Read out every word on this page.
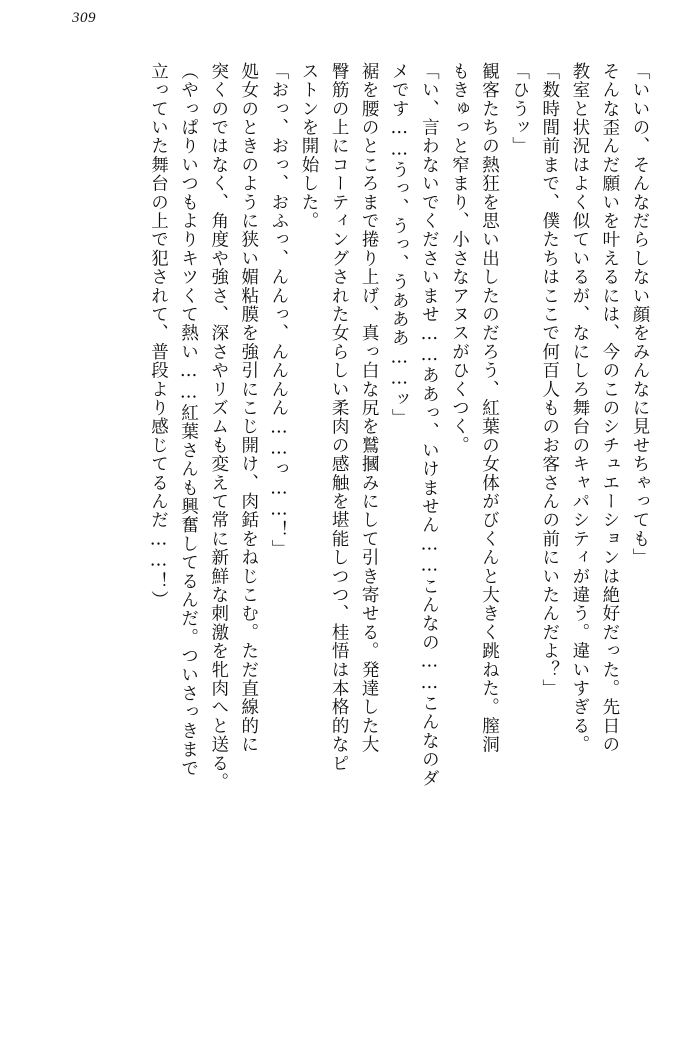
309

「いいの、そんなだらしない顔をみんなに見せちゃっても」

そんな歪んだ願いを叶えるには、今のこのシチュエーションは絶好だった。先日の

教室と状況はよく似ているが、なにしろ舞台のキャパシティが違う。違いすぎる。

「数時間前まで、僕たちはここで何百人ものお客さんの前にいたんだよ？」

「ひうッ」

観客たちの熱狂を思い出したのだろう、紅葉の女体がびくんと大きく跳ねた。膣洞

もきゅっと窄まり、小さなアヌスがひくつく。

「い、言わないでくださいませ……ああっ、いけません……こんなの……こんなのダ

メです……うっ、うっ、うあああ……ッ」

裾を腰のところまで捲り上げ、真っ白な尻を鷲摑みにして引き寄せる。発達した大

臀筋の上にコーティングされた女らしい柔肉の感触を堪能しつつ、桂悟は本格的なピ

ストンを開始した。

「おっ、おっ、おふっ、んんっ、んんんん……っ……！」

処女のときのように狭い媚粘膜を強引にこじ開け、肉銛をねじこむ。ただ直線的に

突くのではなく、角度や強さ、深さやリズムも変えて常に新鮮な刺激を牝肉へと送る。

（やっぱりいつもよりキツくて熱い……紅葉さんも興奮してるんだ。ついさっきまで

立っていた舞台の上で犯されて、普段より感じてるんだ……！）
